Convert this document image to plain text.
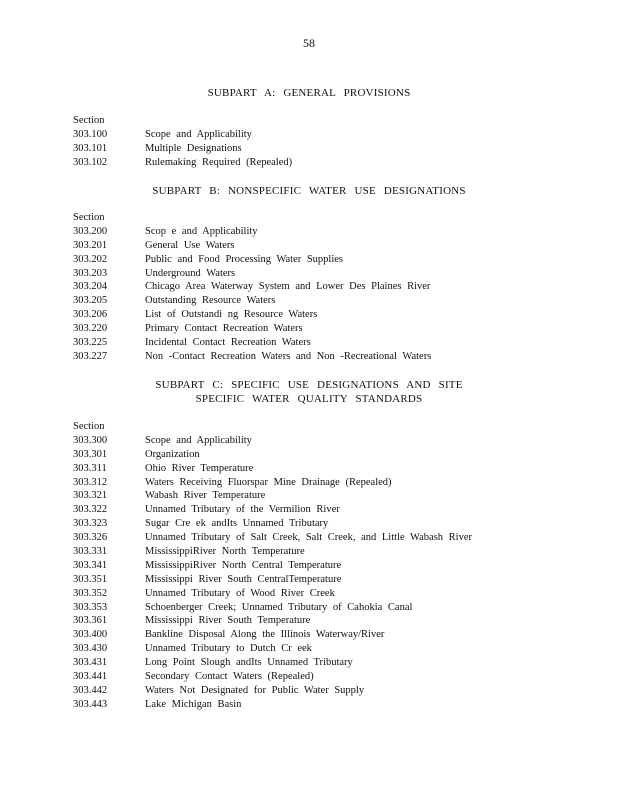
58
SUBPART A: GENERAL PROVISIONS
Section
303.100	Scope and Applicability
303.101	Multiple Designations
303.102	Rulemaking Required (Repealed)
SUBPART B: NONSPECIFIC WATER USE DESIGNATIONS
Section
303.200	Scop e and Applicability
303.201	General Use Waters
303.202	Public and Food Processing Water Supplies
303.203	Underground Waters
303.204	Chicago Area Waterway System and Lower Des Plaines River
303.205	Outstanding Resource Waters
303.206	List of Outstandi ng Resource Waters
303.220	Primary Contact Recreation Waters
303.225	Incidental Contact Recreation Waters
303.227	Non -Contact Recreation Waters and Non -Recreational Waters
SUBPART C: SPECIFIC USE DESIGNATIONS AND SITE
SPECIFIC WATER QUALITY STANDARDS
Section
303.300	Scope and Applicability
303.301	Organization
303.311	Ohio River Temperature
303.312	Waters Receiving Fluorspar Mine Drainage (Repealed)
303.321	Wabash River Temperature
303.322	Unnamed Tributary of the Vermilion River
303.323	Sugar Cre ek andIts Unnamed Tributary
303.326	Unnamed Tributary of Salt Creek, Salt Creek, and Little Wabash River
303.331	MississippiRiver North Temperature
303.341	MississippiRiver North Central Temperature
303.351	Mississippi River South CentralTemperature
303.352	Unnamed Tributary of Wood River Creek
303.353	Schoenberger Creek; Unnamed Tributary of Cahokia Canal
303.361	Mississippi River South Temperature
303.400	Bankline Disposal Along the Illinois Waterway/River
303.430	Unnamed Tributary to Dutch Cr eek
303.431	Long Point Slough andIts Unnamed Tributary
303.441	Secondary Contact Waters (Repealed)
303.442	Waters Not Designated for Public Water Supply
303.443	Lake Michigan Basin
